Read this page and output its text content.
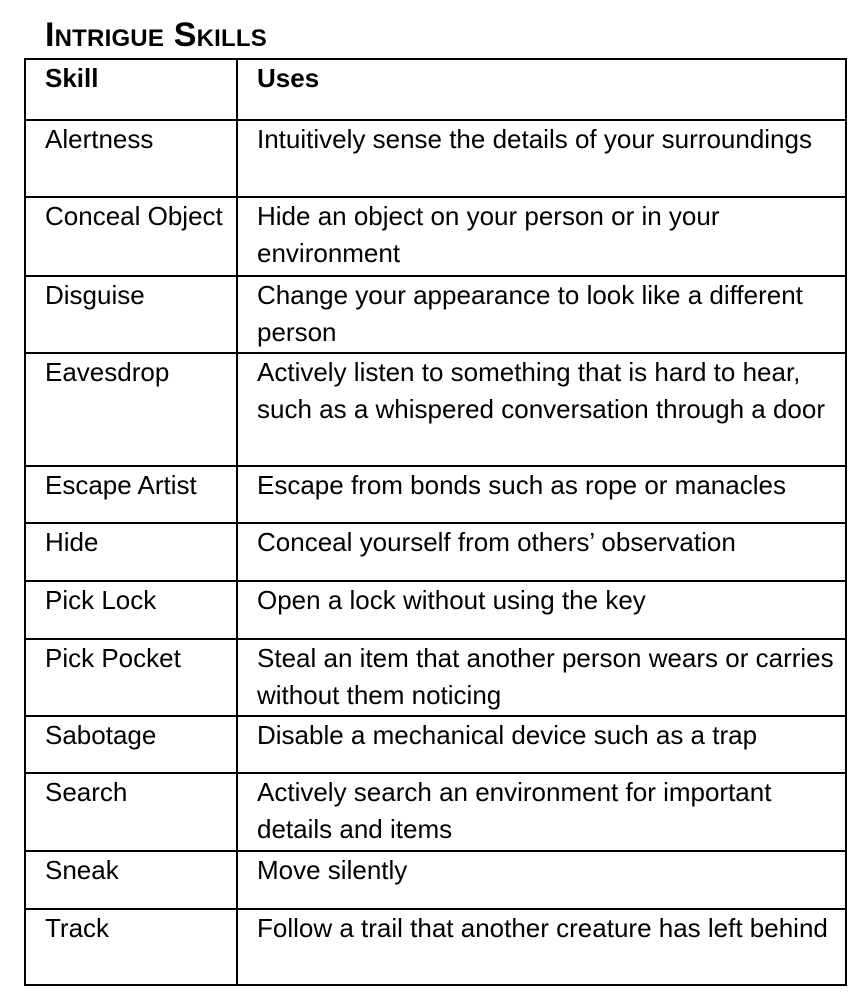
Intrigue Skills
Skill	Uses
Alertness	Intuitively sense the details of your surroundings
Conceal Object	Hide an object on your person or in your environment
Disguise	Change your appearance to look like a different person
Eavesdrop	Actively listen to something that is hard to hear, such as a whispered conversation through a door
Escape Artist	Escape from bonds such as rope or manacles
Hide	Conceal yourself from others’ observation
Pick Lock	Open a lock without using the key
Pick Pocket	Steal an item that another person wears or carries without them noticing
Sabotage	Disable a mechanical device such as a trap
Search	Actively search an environment for important details and items
Sneak	Move silently
Track	Follow a trail that another creature has left behind
